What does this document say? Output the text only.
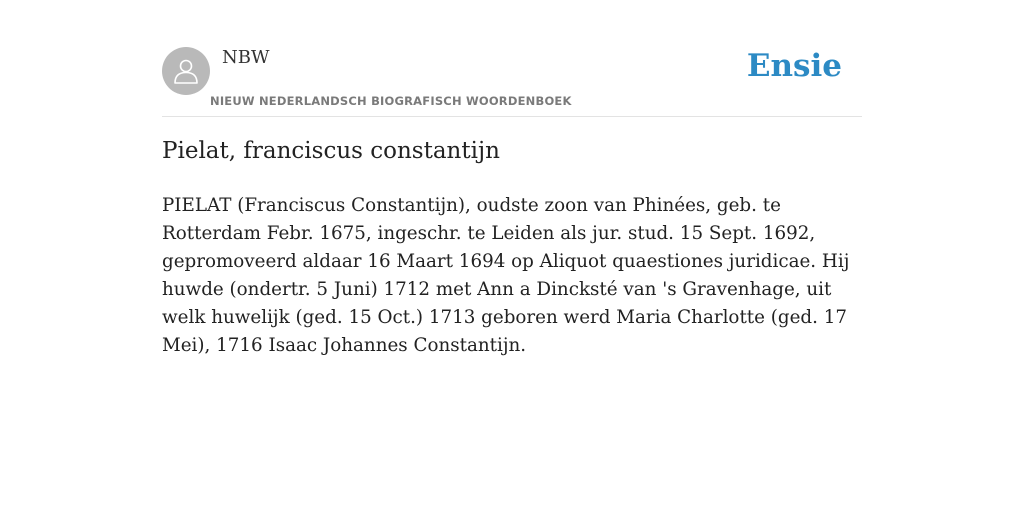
NBW
NIEUW NEDERLANDSCH BIOGRAFISCH WOORDENBOEK
Ensie
Pielat, franciscus constantijn

PIELAT (Franciscus Constantijn), oudste zoon van Phinées, geb. te Rotterdam Febr. 1675, ingeschr. te Leiden als jur. stud. 15 Sept. 1692, gepromoveerd aldaar 16 Maart 1694 op Aliquot quaestiones juridicae. Hij huwde (ondertr. 5 Juni) 1712 met Ann a Dincksté van 's Gravenhage, uit welk huwelijk (ged. 15 Oct.) 1713 geboren werd Maria Charlotte (ged. 17 Mei), 1716 Isaac Johannes Constantijn.
